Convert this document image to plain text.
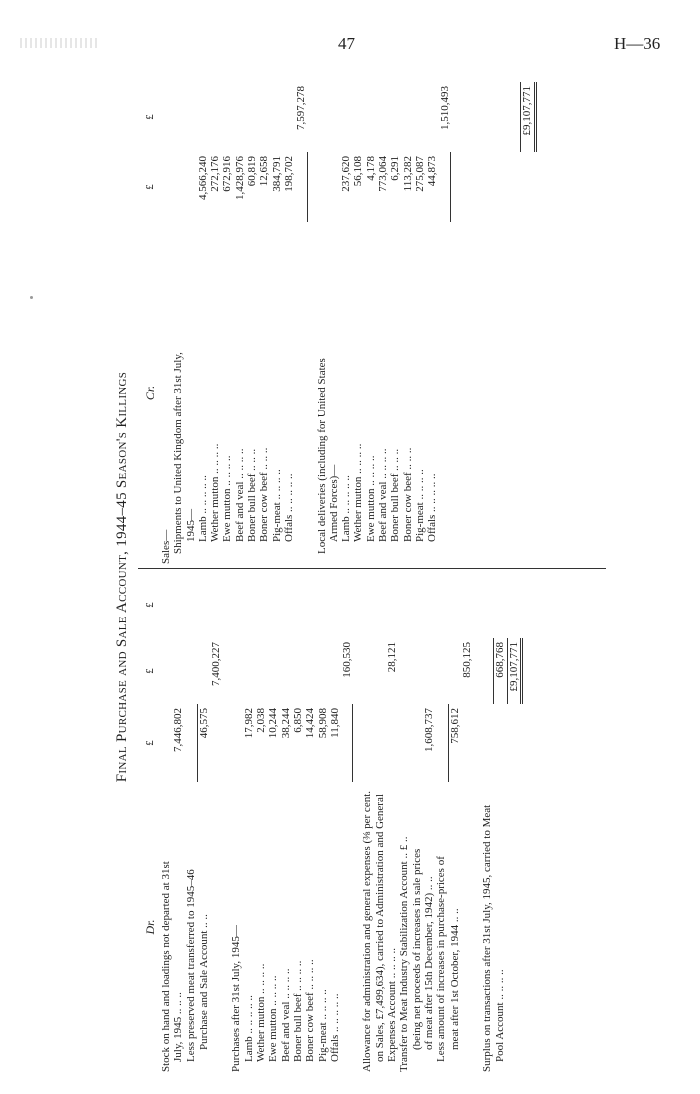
47	H—36
Final Purchase and Sale Account, 1944–45 Season's Killings
Dr.
£
£
£
Stock on hand and loadings not departed at 31st July, 1945 .. .. ..
7,446,802
Less preserved meat transferred to 1945–46 Purchase and Sale Account .. ..
46,575
7,400,227
Purchases after 31st July, 1945— Lamb .. .. .. .. ..
17,982
Wether mutton .. .. .. ..
2,038
Ewe mutton .. .. .. ..
10,244
Beef and veal .. .. .. ..
38,244
Boner bull beef .. .. .. ..
6,850
Boner cow beef .. .. .. ..
14,424
Pig-meat .. .. .. ..
58,908
Offals .. .. .. .. ..
11,840
160,530
Allowance for administration and general expenses (⅜ per cent. on Sales, £7,499,634), carried to Administration and General Expenses Account .. .. .. ..
28,121
Transfer to Meat Industry Stabilization Account .. £ .. (being net proceeds of increases in sale prices of meat after 15th December, 1942) .. ..
1,608,737
Less amount of increases in purchase-prices of meat after 1st October, 1944 .. ..
758,612
850,125
Surplus on transactions after 31st July, 1945, carried to Meat Pool Account .. .. .. ..
668,768 £9,107,771
Cr.
£
£
Sales— Shipments to United Kingdom after 31st July, 1945— Lamb .. .. .. .. ..
4,566,240
Wether mutton .. .. .. ..
272,176
Ewe mutton .. .. .. ..
672,916
Beef and veal .. .. .. ..
1,428,976
Boner bull beef .. .. ..
60,819
Boner cow beef .. .. ..
12,658
Pig-meat .. .. .. ..
384,791
Offals .. .. .. .. ..
198,702
7,597,278
Local deliveries (including for United States Armed Forces)— Lamb .. .. .. .. ..
237,620
Wether mutton .. .. .. ..
56,108
Ewe mutton .. .. .. ..
4,178
Beef and veal .. .. .. ..
773,064
Boner bull beef .. .. ..
6,291
Boner cow beef .. .. ..
113,282
Pig-meat .. .. .. ..
275,087
Offals .. .. .. .. ..
44,873
1,510,493	£9,107,771
